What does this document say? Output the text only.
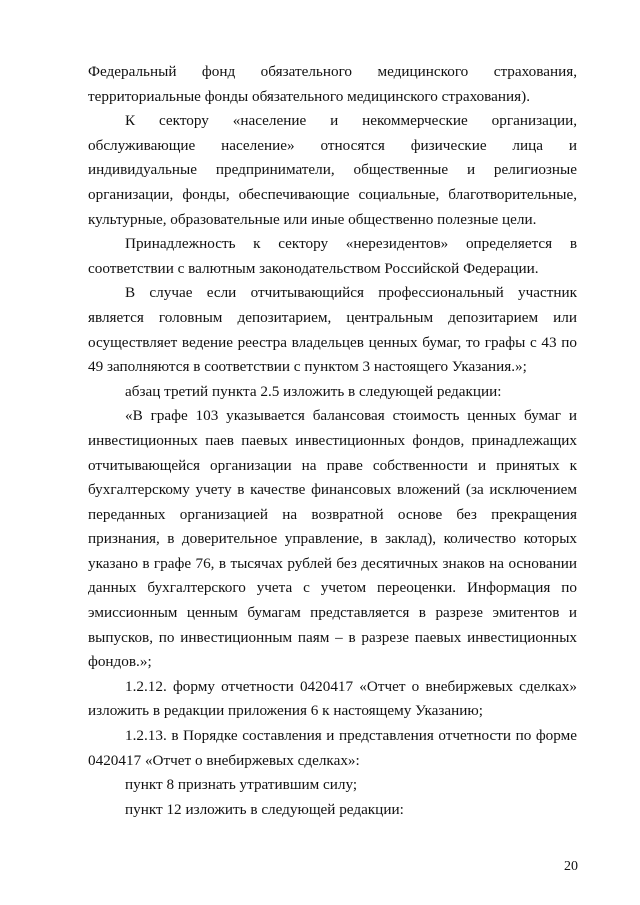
Федеральный фонд обязательного медицинского страхования, территориальные фонды обязательного медицинского страхования).

К сектору «население и некоммерческие организации, обслуживающие население» относятся физические лица и индивидуальные предприниматели, общественные и религиозные организации, фонды, обеспечивающие социальные, благотворительные, культурные, образовательные или иные общественно полезные цели.

Принадлежность к сектору «нерезидентов» определяется в соответствии с валютным законодательством Российской Федерации.

В случае если отчитывающийся профессиональный участник является головным депозитарием, центральным депозитарием или осуществляет ведение реестра владельцев ценных бумаг, то графы с 43 по 49 заполняются в соответствии с пунктом 3 настоящего Указания.»;

абзац третий пункта 2.5 изложить в следующей редакции:

«В графе 103 указывается балансовая стоимость ценных бумаг и инвестиционных паев паевых инвестиционных фондов, принадлежащих отчитывающейся организации на праве собственности и принятых к бухгалтерскому учету в качестве финансовых вложений (за исключением переданных организацией на возвратной основе без прекращения признания, в доверительное управление, в заклад), количество которых указано в графе 76, в тысячах рублей без десятичных знаков на основании данных бухгалтерского учета с учетом переоценки. Информация по эмиссионным ценным бумагам представляется в разрезе эмитентов и выпусков, по инвестиционным паям – в разрезе паевых инвестиционных фондов.»;

1.2.12. форму отчетности 0420417 «Отчет о внебиржевых сделках» изложить в редакции приложения 6 к настоящему Указанию;

1.2.13. в Порядке составления и представления отчетности по форме 0420417 «Отчет о внебиржевых сделках»:

пункт 8 признать утратившим силу;

пункт 12 изложить в следующей редакции:

20
